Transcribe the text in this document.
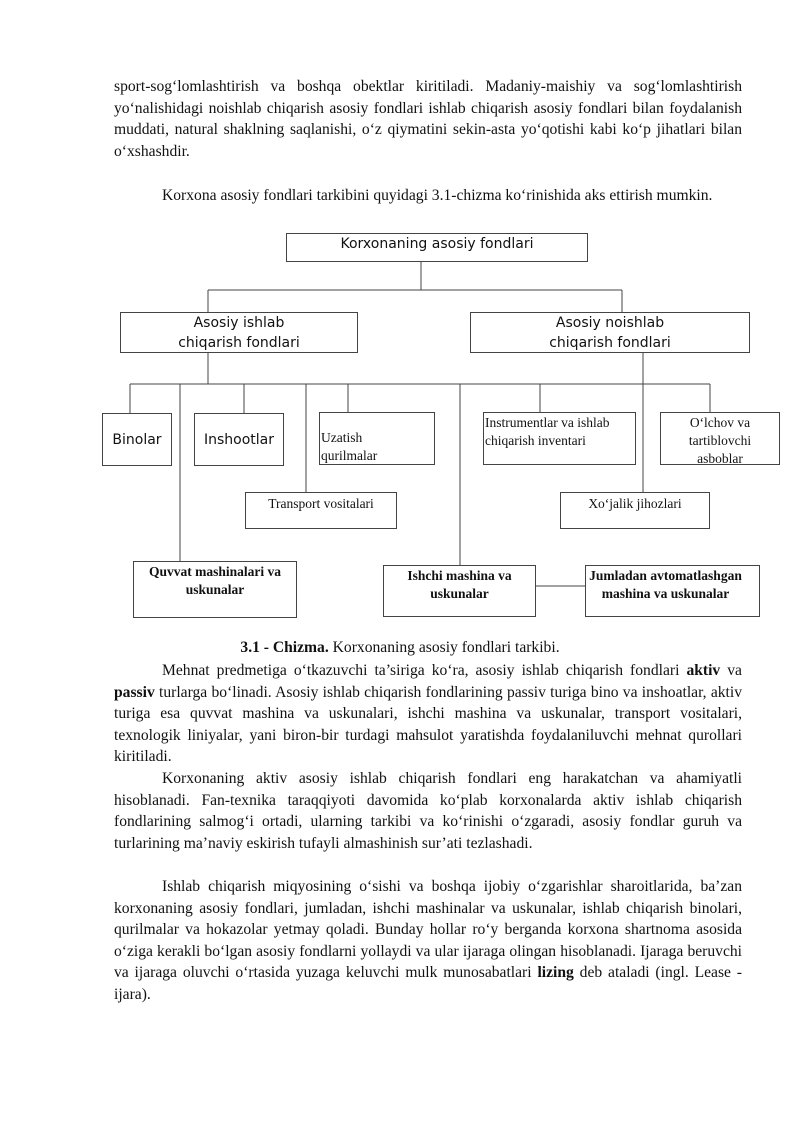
sport-sog‘lomlashtirish va boshqa obektlar kiritiladi. Madaniy-maishiy va sog‘lomlashtirish yo‘nalishidagi noishlab chiqarish asosiy fondlari ishlab chiqarish asosiy fondlari bilan foydalanish muddati, natural shaklning saqlanishi, o‘z qiymatini sekin-asta yo‘qotishi kabi ko‘p jihatlari bilan o‘xshashdir.

Korxona asosiy fondlari tarkibini quyidagi 3.1-chizma ko‘rinishida aks ettirish mumkin.

Korxonaning asosiy fondlari
Asosiy ishlab chiqarish fondlari
Asosiy noishlab chiqarish fondlari
Binolar	Inshootlar	Uzatish qurilmalar
Instrumentlar va ishlab chiqarish inventari
O‘lchov va tartiblovchi asboblar
Transport vositalari	Xo‘jalik jihozlari
Quvvat mashinalari va uskunalar
Ishchi mashina va uskunalar
Jumladan avtomatlashgan mashina va uskunalar
3.1 - Chizma. Korxonaning asosiy fondlari tarkibi.

Mehnat predmetiga o‘tkazuvchi ta’siriga ko‘ra, asosiy ishlab chiqarish fondlari aktiv va passiv turlarga bo‘linadi. Asosiy ishlab chiqarish fondlarining passiv turiga bino va inshoatlar, aktiv turiga esa quvvat mashina va uskunalari, ishchi mashina va uskunalar, transport vositalari, texnologik liniyalar, yani biron-bir turdagi mahsulot yaratishda foydalaniluvchi mehnat qurollari kiritiladi.

Korxonaning aktiv asosiy ishlab chiqarish fondlari eng harakatchan va ahamiyatli hisoblanadi. Fan-texnika taraqqiyoti davomida ko‘plab korxonalarda aktiv ishlab chiqarish fondlarining salmog‘i ortadi, ularning tarkibi va ko‘rinishi o‘zgaradi, asosiy fondlar guruh va turlarining ma’naviy eskirish tufayli almashinish sur’ati tezlashadi.

Ishlab chiqarish miqyosining o‘sishi va boshqa ijobiy o‘zgarishlar sharoitlarida, ba’zan korxonaning asosiy fondlari, jumladan, ishchi mashinalar va uskunalar, ishlab chiqarish binolari, qurilmalar va hokazolar yetmay qoladi. Bunday hollar ro‘y berganda korxona shartnoma asosida o‘ziga kerakli bo‘lgan asosiy fondlarni yollaydi va ular ijaraga olingan hisoblanadi. Ijaraga beruvchi va ijaraga oluvchi o‘rtasida yuzaga keluvchi mulk munosabatlari lizing deb ataladi (ingl. Lease - ijara).
